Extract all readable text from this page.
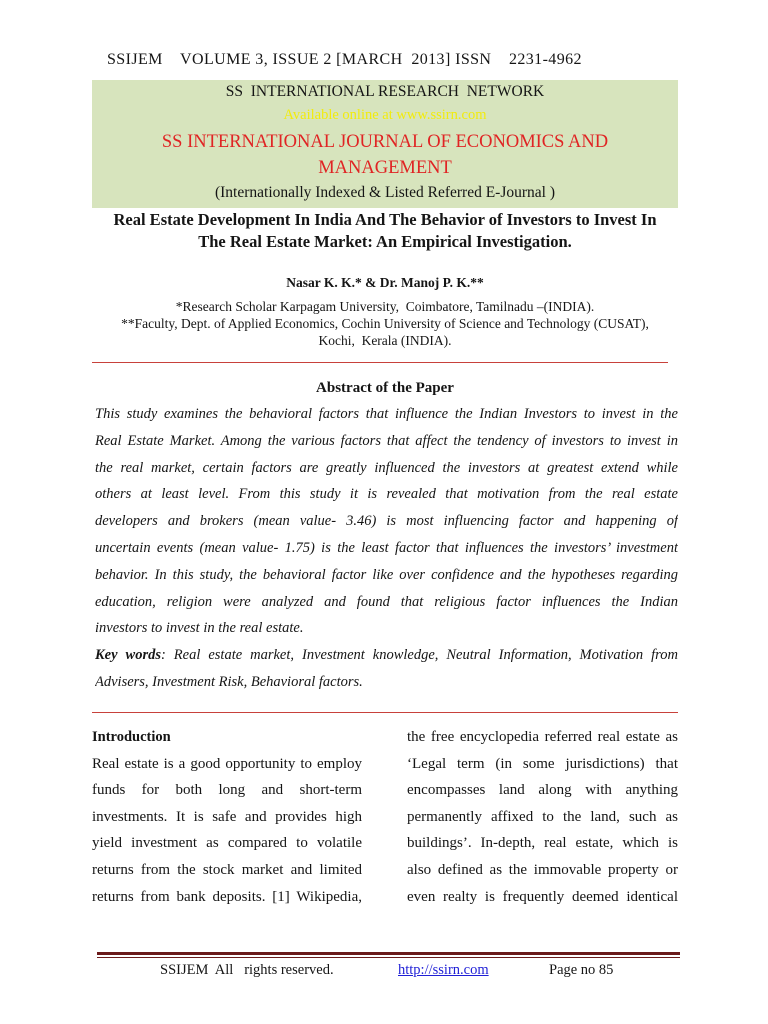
SSIJEM    VOLUME 3, ISSUE 2 [MARCH  2013] ISSN    2231-4962
SS  INTERNATIONAL RESEARCH  NETWORK
Available online at www.ssirn.com
SS INTERNATIONAL JOURNAL OF ECONOMICS AND
MANAGEMENT
(Internationally Indexed & Listed Referred E-Journal )
Real Estate Development In India And The Behavior of Investors to Invest In
The Real Estate Market: An Empirical Investigation.
Nasar K. K.* & Dr. Manoj P. K.**
*Research Scholar Karpagam University,  Coimbatore, Tamilnadu –(INDIA).
**Faculty, Dept. of Applied Economics, Cochin University of Science and Technology (CUSAT),
Kochi,  Kerala (INDIA).
Abstract of the Paper
This study examines the behavioral factors that influence the Indian Investors to invest in the
Real Estate Market. Among the various factors that affect the tendency of investors to invest in
the real market, certain factors are greatly influenced the investors at greatest extend while
others at least level. From this study it is revealed that motivation from the real estate
developers and brokers (mean value- 3.46) is most influencing factor and happening of
uncertain events (mean value- 1.75) is the least factor that influences the investors’ investment
behavior. In this study, the behavioral factor like over confidence and the hypotheses regarding
education, religion were analyzed and found that religious factor influences the Indian
investors to invest in the real estate.
Key words: Real estate market, Investment knowledge, Neutral Information, Motivation from
Advisers, Investment Risk, Behavioral factors.
Introduction
Real estate is a good opportunity to employ
funds for both long and short-term
investments. It is safe and provides high
yield investment as compared to volatile
returns from the stock market and limited
returns from bank deposits. [1] Wikipedia,
the free encyclopedia referred real estate as
‘Legal term (in some jurisdictions) that
encompasses land along with anything
permanently affixed to the land, such as
buildings’. In-depth, real estate, which is
also defined as the immovable property or
even realty is frequently deemed identical
SSIJEM  All   rights reserved.	http://ssirn.com	Page no 85
